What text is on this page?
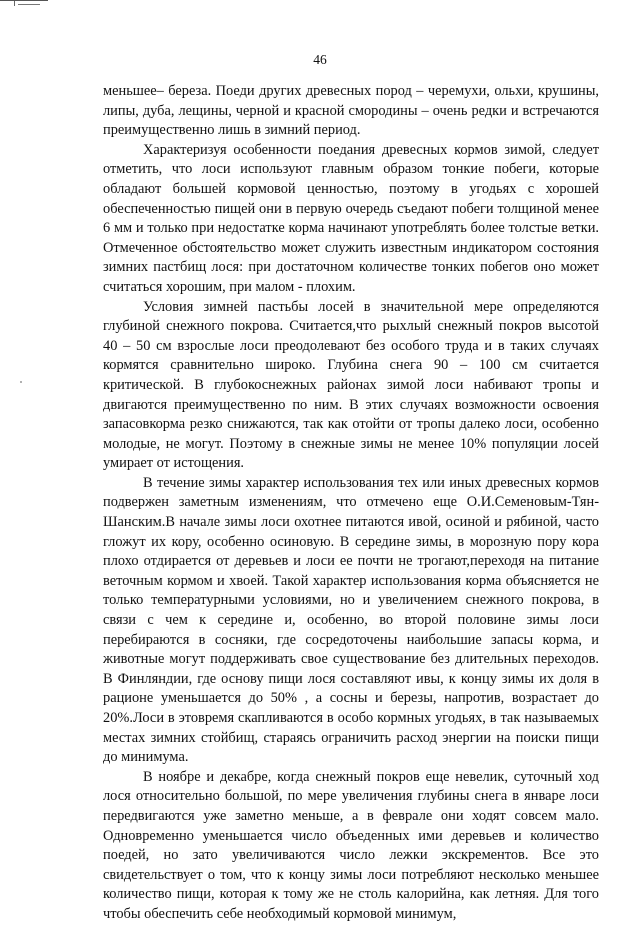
46

меньшее– береза. Поеди других древесных пород – черемухи, ольхи, крушины, липы, дуба, лещины, черной и красной смородины – очень редки и встречаются преимущественно лишь в зимний период.

Характеризуя особенности поедания древесных кормов зимой, следует отметить, что лоси используют главным образом тонкие побеги, которые обладают большей кормовой ценностью, поэтому в угодьях с хорошей обеспеченностью пищей они в первую очередь съедают побеги толщиной менее 6 мм и только при недостатке корма начинают употреблять более толстые ветки. Отмеченное обстоятельство может служить известным индикатором состояния зимних пастбищ лося: при достаточном количестве тонких побегов оно может считаться хорошим, при малом - плохим.

Условия зимней пастьбы лосей в значительной мере определяются глубиной снежного покрова. Считается,что рыхлый снежный покров высотой 40 – 50 см взрослые лоси преодолевают без особого труда и в таких случаях кормятся сравнительно широко. Глубина снега 90 – 100 см считается критической. В глубокоснежных районах зимой лоси набивают тропы и двигаются преимущественно по ним. В этих случаях возможности освоения запасовкорма резко снижаются, так как отойти от тропы далеко лоси, особенно молодые, не могут. Поэтому в снежные зимы не менее 10% популяции лосей умирает от истощения.

В течение зимы характер использования тех или иных древесных кормов подвержен заметным изменениям, что отмечено еще О.И.Семеновым-Тян-Шанским.В начале зимы лоси охотнее питаются ивой, осиной и рябиной, часто гложут их кору, особенно осиновую. В середине зимы, в морозную пору кора плохо отдирается от деревьев и лоси ее почти не трогают,переходя на питание веточным кормом и хвоей. Такой характер использования корма объясняется не только температурными условиями, но и увеличением снежного покрова, в связи с чем к середине и, особенно, во второй половине зимы лоси перебираются в сосняки, где сосредоточены наибольшие запасы корма, и животные могут поддерживать свое существование без длительных переходов. В Финляндии, где основу пищи лося составляют ивы, к концу зимы их доля в рационе уменьшается до 50% , а сосны и березы, напротив, возрастает до 20%.Лоси в этовремя скапливаются в особо кормных угодьях, в так называемых местах зимних стойбищ, стараясь ограничить расход энергии на поиски пищи до минимума.

В ноябре и декабре, когда снежный покров еще невелик, суточный ход лося относительно большой, по мере увеличения глубины снега в январе лоси передвигаются уже заметно меньше, а в феврале они ходят совсем мало. Одновременно уменьшается число объеденных ими деревьев и количество поедей, но зато увеличиваются число лежки экскрементов. Все это свидетельствует о том, что к концу зимы лоси потребляют несколько меньшее количество пищи, которая к тому же не столь калорийна, как летняя. Для того чтобы обеспечить себе необходимый кормовой минимум,
